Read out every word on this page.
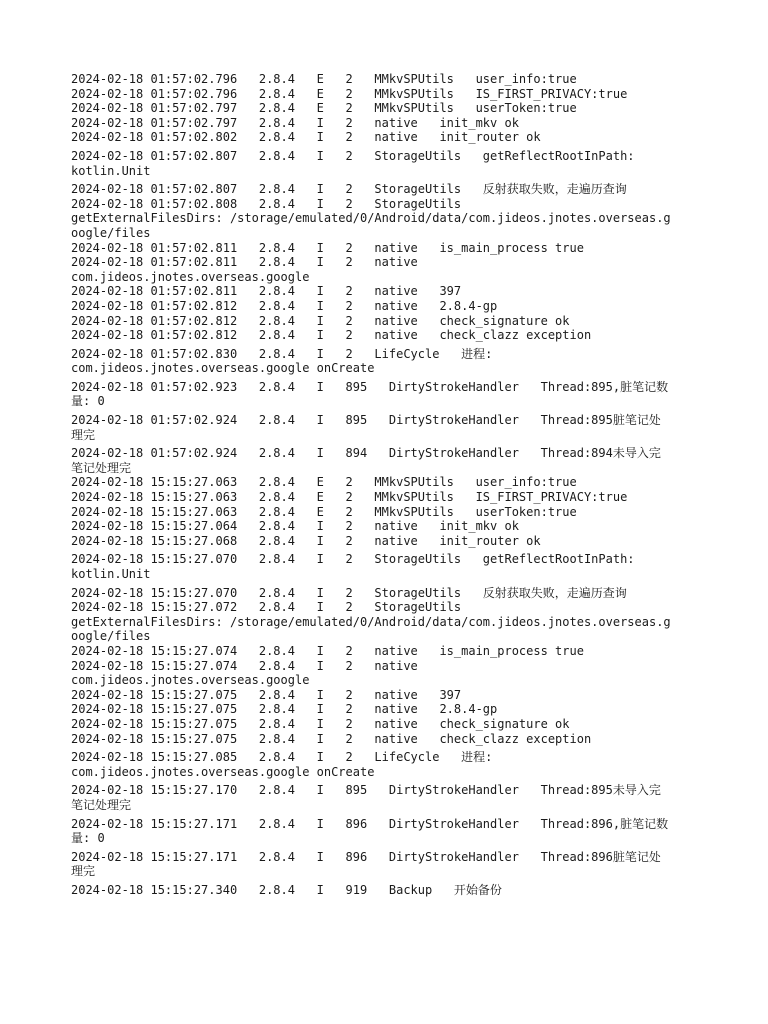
2024-02-18 01:57:02.796   2.8.4   E   2   MMkvSPUtils   user_info:true
2024-02-18 01:57:02.796   2.8.4   E   2   MMkvSPUtils   IS_FIRST_PRIVACY:true
2024-02-18 01:57:02.797   2.8.4   E   2   MMkvSPUtils   userToken:true
2024-02-18 01:57:02.797   2.8.4   I   2   native   init_mkv ok
2024-02-18 01:57:02.802   2.8.4   I   2   native   init_router ok
2024-02-18 01:57:02.807   2.8.4   I   2   StorageUtils   getReflectRootInPath:
kotlin.Unit
2024-02-18 01:57:02.807   2.8.4   I   2   StorageUtils   反射获取失败，走遍历查询
2024-02-18 01:57:02.808   2.8.4   I   2   StorageUtils
getExternalFilesDirs: /storage/emulated/0/Android/data/com.jideos.jnotes.overseas.g
oogle/files
2024-02-18 01:57:02.811   2.8.4   I   2   native   is_main_process true
2024-02-18 01:57:02.811   2.8.4   I   2   native
com.jideos.jnotes.overseas.google
2024-02-18 01:57:02.811   2.8.4   I   2   native   397
2024-02-18 01:57:02.812   2.8.4   I   2   native   2.8.4-gp
2024-02-18 01:57:02.812   2.8.4   I   2   native   check_signature ok
2024-02-18 01:57:02.812   2.8.4   I   2   native   check_clazz exception
2024-02-18 01:57:02.830   2.8.4   I   2   LifeCycle   进程:
com.jideos.jnotes.overseas.google onCreate
2024-02-18 01:57:02.923   2.8.4   I   895   DirtyStrokeHandler   Thread:895,脏笔记数
量: 0
2024-02-18 01:57:02.924   2.8.4   I   895   DirtyStrokeHandler   Thread:895脏笔记处
理完
2024-02-18 01:57:02.924   2.8.4   I   894   DirtyStrokeHandler   Thread:894未导入完
笔记处理完
2024-02-18 15:15:27.063   2.8.4   E   2   MMkvSPUtils   user_info:true
2024-02-18 15:15:27.063   2.8.4   E   2   MMkvSPUtils   IS_FIRST_PRIVACY:true
2024-02-18 15:15:27.063   2.8.4   E   2   MMkvSPUtils   userToken:true
2024-02-18 15:15:27.064   2.8.4   I   2   native   init_mkv ok
2024-02-18 15:15:27.068   2.8.4   I   2   native   init_router ok
2024-02-18 15:15:27.070   2.8.4   I   2   StorageUtils   getReflectRootInPath:
kotlin.Unit
2024-02-18 15:15:27.070   2.8.4   I   2   StorageUtils   反射获取失败，走遍历查询
2024-02-18 15:15:27.072   2.8.4   I   2   StorageUtils
getExternalFilesDirs: /storage/emulated/0/Android/data/com.jideos.jnotes.overseas.g
oogle/files
2024-02-18 15:15:27.074   2.8.4   I   2   native   is_main_process true
2024-02-18 15:15:27.074   2.8.4   I   2   native
com.jideos.jnotes.overseas.google
2024-02-18 15:15:27.075   2.8.4   I   2   native   397
2024-02-18 15:15:27.075   2.8.4   I   2   native   2.8.4-gp
2024-02-18 15:15:27.075   2.8.4   I   2   native   check_signature ok
2024-02-18 15:15:27.075   2.8.4   I   2   native   check_clazz exception
2024-02-18 15:15:27.085   2.8.4   I   2   LifeCycle   进程:
com.jideos.jnotes.overseas.google onCreate
2024-02-18 15:15:27.170   2.8.4   I   895   DirtyStrokeHandler   Thread:895未导入完
笔记处理完
2024-02-18 15:15:27.171   2.8.4   I   896   DirtyStrokeHandler   Thread:896,脏笔记数
量: 0
2024-02-18 15:15:27.171   2.8.4   I   896   DirtyStrokeHandler   Thread:896脏笔记处
理完
2024-02-18 15:15:27.340   2.8.4   I   919   Backup   开始备份
